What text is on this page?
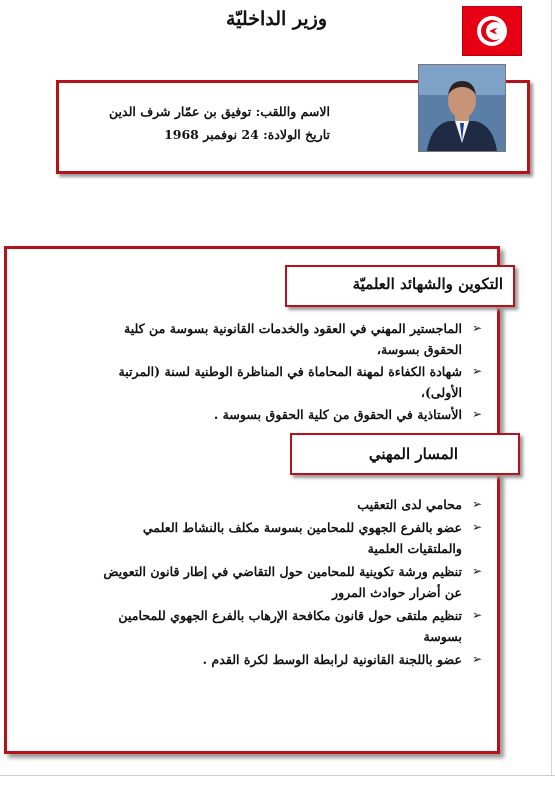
وزير الداخليّة
الاسم واللقب: توفيق بن عمّار شرف الدين
تاريخ الولادة: 24 نوفمبر 1968
التكوين والشهائد العلميّة
➢
الماجستير المهني في العقود والخدمات القانونية بسوسة من كلية الحقوق بسوسة،
➢
شهادة الكفاءة لمهنة المحاماة في المناظرة الوطنية لسنة (المرتبة الأولى)،
➢
الأستاذية في الحقوق من كلية الحقوق بسوسة .
المسار المهني
➢
محامي لدى التعقيب
➢
عضو بالفرع الجهوي للمحامين بسوسة مكلف بالنشاط العلمي والملتقيات العلمية
➢
تنظيم ورشة تكوينية للمحامين حول التقاضي في إطار قانون التعويض عن أضرار حوادث المرور
➢
تنظيم ملتقى حول قانون مكافحة الإرهاب بالفرع الجهوي للمحامين بسوسة
➢
عضو باللجنة القانونية لرابطة الوسط لكرة القدم .
